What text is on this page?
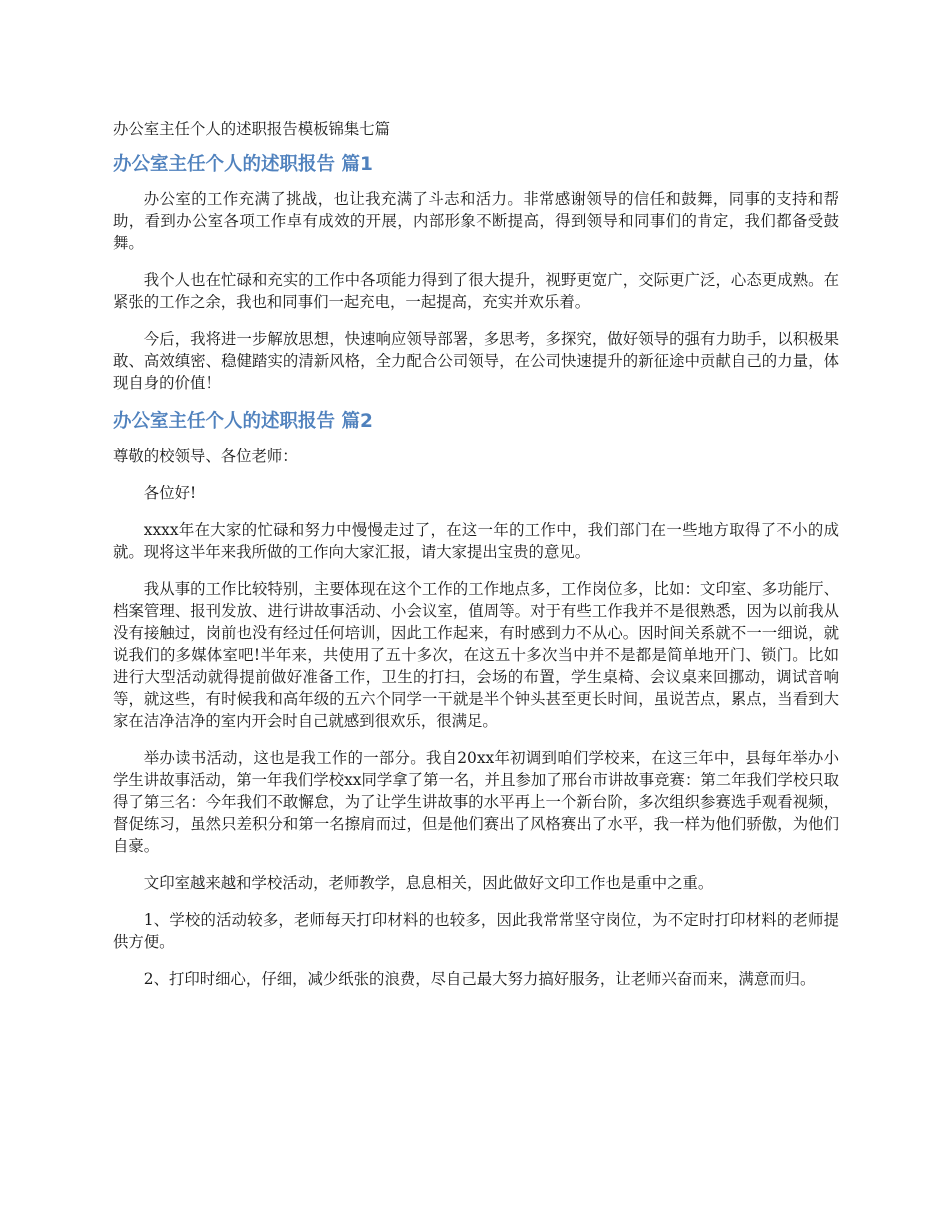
办公室主任个人的述职报告模板锦集七篇

办公室主任个人的述职报告 篇1

办公室的工作充满了挑战，也让我充满了斗志和活力。非常感谢领导的信任和鼓舞，同事的支持和帮助，看到办公室各项工作卓有成效的开展，内部形象不断提高，得到领导和同事们的肯定，我们都备受鼓舞。

我个人也在忙碌和充实的工作中各项能力得到了很大提升，视野更宽广，交际更广泛，心态更成熟。在紧张的工作之余，我也和同事们一起充电，一起提高，充实并欢乐着。

今后，我将进一步解放思想，快速响应领导部署，多思考，多探究，做好领导的强有力助手，以积极果敢、高效缜密、稳健踏实的清新风格，全力配合公司领导，在公司快速提升的新征途中贡献自己的力量，体现自身的价值！

办公室主任个人的述职报告 篇2

尊敬的校领导、各位老师：

各位好!

xxxx年在大家的忙碌和努力中慢慢走过了，在这一年的工作中，我们部门在一些地方取得了不小的成就。现将这半年来我所做的工作向大家汇报，请大家提出宝贵的意见。

我从事的工作比较特别，主要体现在这个工作的工作地点多，工作岗位多，比如：文印室、多功能厅、档案管理、报刊发放、进行讲故事活动、小会议室，值周等。对于有些工作我并不是很熟悉，因为以前我从没有接触过，岗前也没有经过任何培训，因此工作起来，有时感到力不从心。因时间关系就不一一细说，就说我们的多媒体室吧!半年来，共使用了五十多次，在这五十多次当中并不是都是简单地开门、锁门。比如进行大型活动就得提前做好准备工作，卫生的打扫，会场的布置，学生桌椅、会议桌来回挪动，调试音响等，就这些，有时候我和高年级的五六个同学一干就是半个钟头甚至更长时间，虽说苦点，累点，当看到大家在洁净洁净的室内开会时自己就感到很欢乐，很满足。

举办读书活动，这也是我工作的一部分。我自20xx年初调到咱们学校来，在这三年中，县每年举办小学生讲故事活动，第一年我们学校xx同学拿了第一名，并且参加了邢台市讲故事竞赛：第二年我们学校只取得了第三名：今年我们不敢懈怠，为了让学生讲故事的水平再上一个新台阶，多次组织参赛选手观看视频，督促练习，虽然只差积分和第一名擦肩而过，但是他们赛出了风格赛出了水平，我一样为他们骄傲，为他们自豪。

文印室越来越和学校活动，老师教学，息息相关，因此做好文印工作也是重中之重。

1、学校的活动较多，老师每天打印材料的也较多，因此我常常坚守岗位，为不定时打印材料的老师提供方便。

2、打印时细心，仔细，减少纸张的浪费，尽自己最大努力搞好服务，让老师兴奋而来，满意而归。
